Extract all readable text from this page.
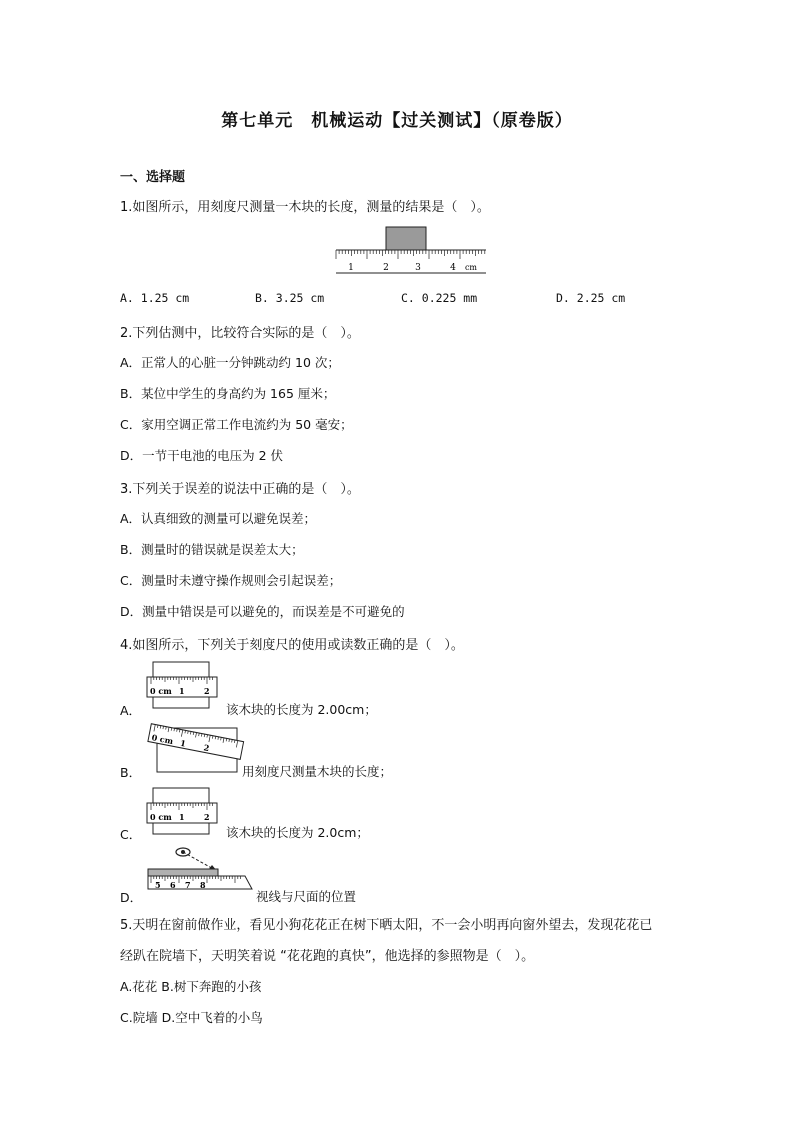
第七单元　机械运动【过关测试】（原卷版）
一、选择题
1.如图所示，用刻度尺测量一木块的长度，测量的结果是（　）。
1	2	3	4 cm
A. 1.25 cm	B. 3.25 cm	C. 0.225 mm	D. 2.25 cm
2.下列估测中，比较符合实际的是（　）。
A．正常人的心脏一分钟跳动约 10 次；
B．某位中学生的身高约为 165 厘米；
C．家用空调正常工作电流约为 50 毫安；
D．一节干电池的电压为 2 伏
3.下列关于误差的说法中正确的是（　）。
A．认真细致的测量可以避免误差；
B．测量时的错误就是误差太大；
C．测量时未遵守操作规则会引起误差；
D．测量中错误是可以避免的，而误差是不可避免的
4.如图所示，下列关于刻度尺的使用或读数正确的是（　）。
A．
0 cm 1 2
该木块的长度为 2.00cm；
B．
0 cm 1 2
用刻度尺测量木块的长度；
C．
0 cm 1 2
该木块的长度为 2.0cm；
D．
5 6 7 8
视线与尺面的位置
5.天明在窗前做作业，看见小狗花花正在树下晒太阳，不一会小明再向窗外望去，发现花花已
经趴在院墙下，天明笑着说 “花花跑的真快”，他选择的参照物是（　）。
A.花花 B.树下奔跑的小孩
C.院墙 D.空中飞着的小鸟
